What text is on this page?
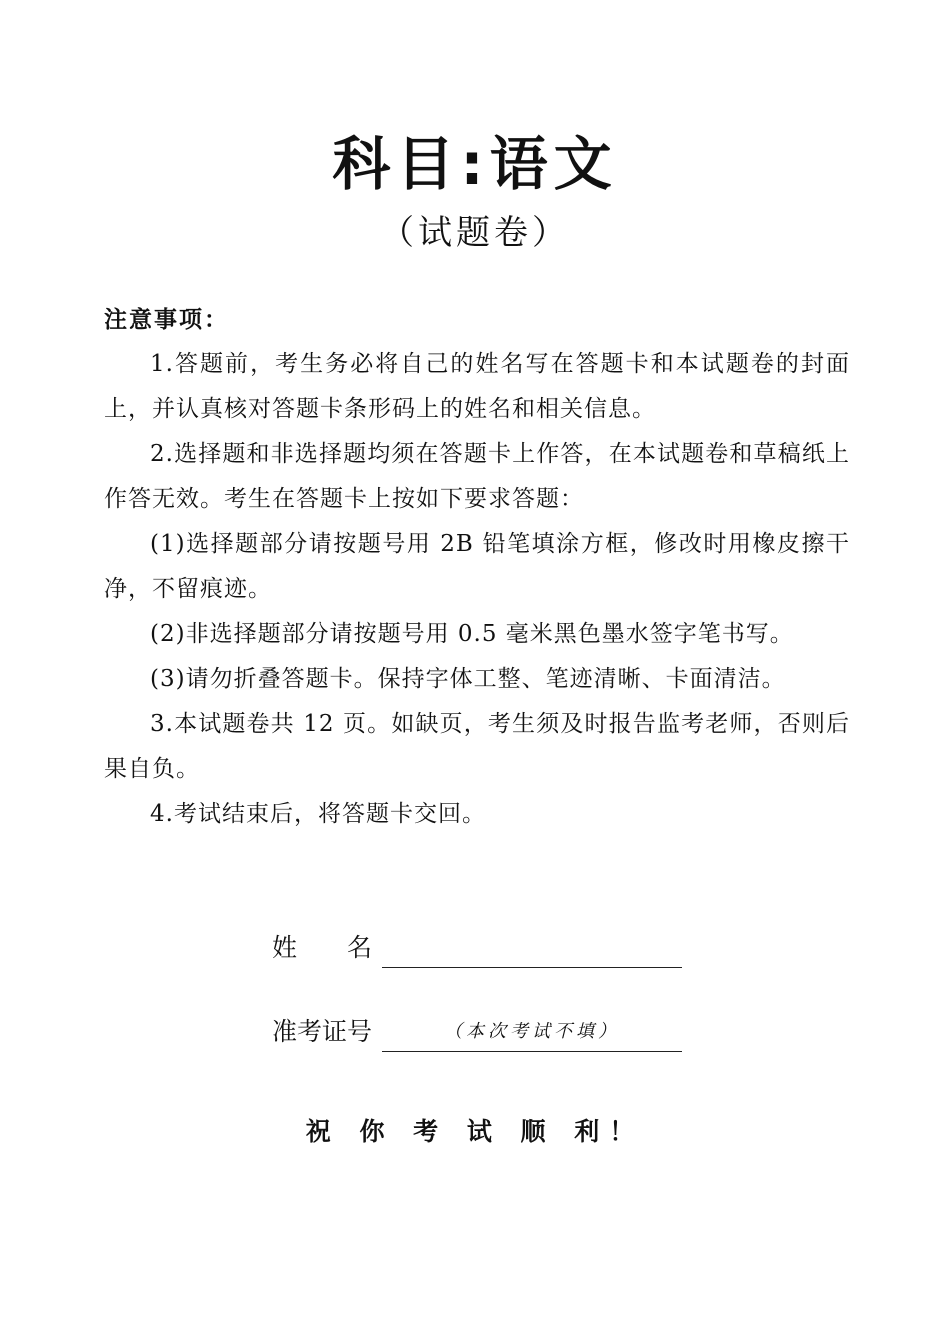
科目:语文
（试题卷）
注意事项：

1.答题前，考生务必将自己的姓名写在答题卡和本试题卷的封面上，并认真核对答题卡条形码上的姓名和相关信息。

2.选择题和非选择题均须在答题卡上作答，在本试题卷和草稿纸上作答无效。考生在答题卡上按如下要求答题：

(1)选择题部分请按题号用 2B 铅笔填涂方框，修改时用橡皮擦干净，不留痕迹。

(2)非选择题部分请按题号用 0.5 毫米黑色墨水签字笔书写。

(3)请勿折叠答题卡。保持字体工整、笔迹清晰、卡面清洁。

3.本试题卷共 12 页。如缺页，考生须及时报告监考老师，否则后果自负。

4.考试结束后，将答题卡交回。

姓名
准考证号	（本次考试不填）
祝 你 考 试 顺 利！
